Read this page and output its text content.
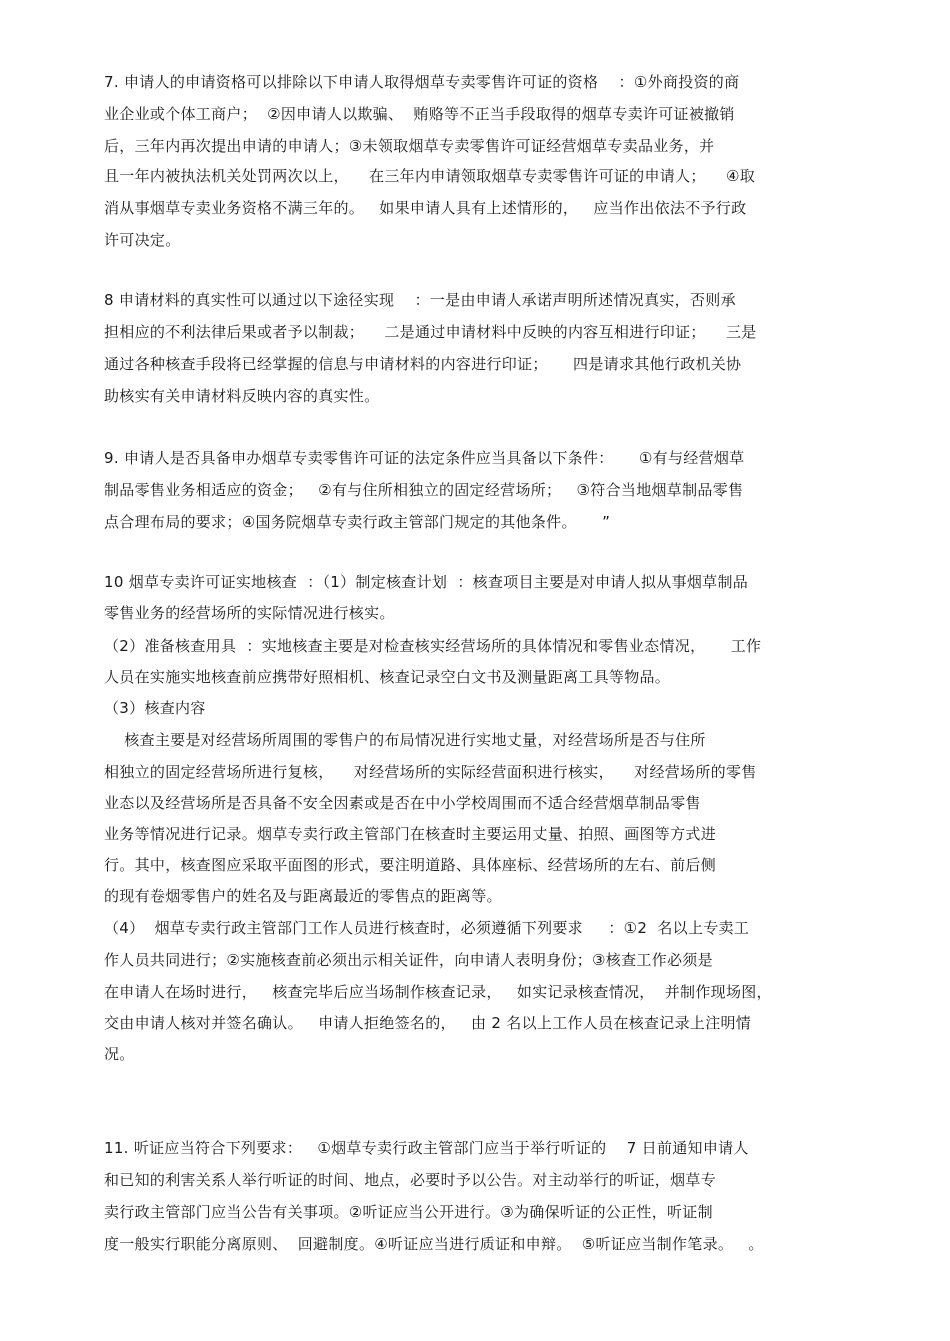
7. 申请人的申请资格可以排除以下申请人取得烟草专卖零售许可证的资格    ：①外商投资的商
业企业或个体工商户；  ②因申请人以欺骗、  贿赂等不正当手段取得的烟草专卖许可证被撤销
后，三年内再次提出申请的申请人；③未领取烟草专卖零售许可证经营烟草专卖品业务，并
且一年内被执法机关处罚两次以上，    在三年内申请领取烟草专卖零售许可证的申请人；    ④取
消从事烟草专卖业务资格不满三年的。   如果申请人具有上述情形的，   应当作出依法不予行政
许可决定。
8 申请材料的真实性可以通过以下途径实现    ：一是由申请人承诺声明所述情况真实，否则承
担相应的不利法律后果或者予以制裁；    二是通过申请材料中反映的内容互相进行印证；    三是
通过各种核查手段将已经掌握的信息与申请材料的内容进行印证；     四是请求其他行政机关协
助核实有关申请材料反映内容的真实性。
9. 申请人是否具备申办烟草专卖零售许可证的法定条件应当具备以下条件：     ①有与经营烟草
制品零售业务相适应的资金；   ②有与住所相独立的固定经营场所；   ③符合当地烟草制品零售
点合理布局的要求；④国务院烟草专卖行政主管部门规定的其他条件。     ”
10 烟草专卖许可证实地核查  ：（1）制定核查计划  ：核查项目主要是对申请人拟从事烟草制品
零售业务的经营场所的实际情况进行核实。
（2）准备核查用具  ：实地核查主要是对检查核实经营场所的具体情况和零售业态情况，     工作
人员在实施实地核查前应携带好照相机、核查记录空白文书及测量距离工具等物品。
（3）核查内容
核查主要是对经营场所周围的零售户的布局情况进行实地丈量，对经营场所是否与住所
相独立的固定经营场所进行复核，    对经营场所的实际经营面积进行核实，    对经营场所的零售
业态以及经营场所是否具备不安全因素或是否在中小学校周围而不适合经营烟草制品零售
业务等情况进行记录。烟草专卖行政主管部门在核查时主要运用丈量、拍照、画图等方式进
行。其中，核查图应采取平面图的形式，要注明道路、具体座标、经营场所的左右、前后侧
的现有卷烟零售户的姓名及与距离最近的零售点的距离等。
（4）  烟草专卖行政主管部门工作人员进行核查时，必须遵循下列要求     ：①2  名以上专卖工
作人员共同进行；②实施核查前必须出示相关证件，向申请人表明身份；③核查工作必须是
在申请人在场时进行，   核查完毕后应当场制作核查记录，   如实记录核查情况，  并制作现场图，
交由申请人核对并签名确认。   申请人拒绝签名的，   由 2 名以上工作人员在核查记录上注明情
况。
11. 听证应当符合下列要求：   ①烟草专卖行政主管部门应当于举行听证的    7 日前通知申请人
和已知的利害关系人举行听证的时间、地点，必要时予以公告。对主动举行的听证，烟草专
卖行政主管部门应当公告有关事项。②听证应当公开进行。③为确保听证的公正性，听证制
度一般实行职能分离原则、  回避制度。④听证应当进行质证和申辩。  ⑤听证应当制作笔录。   。
